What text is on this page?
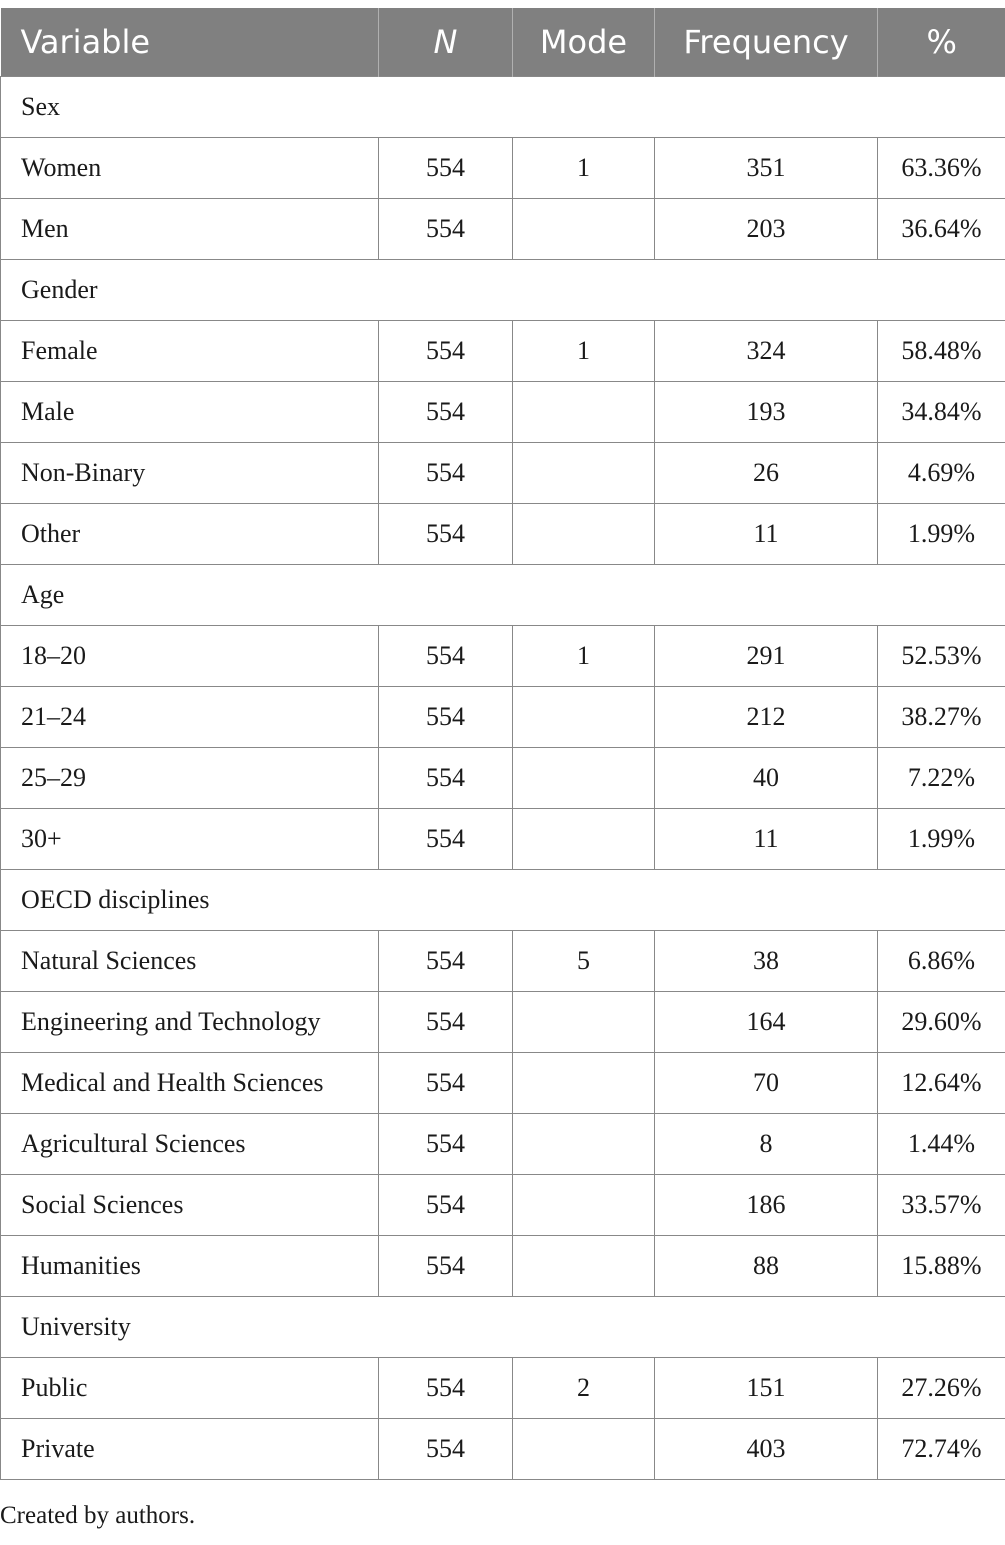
Variable	N	Mode	Frequency	%
Sex				
Women	554	1	351	63.36%
Men	554		203	36.64%
Gender				
Female	554	1	324	58.48%
Male	554		193	34.84%
Non-Binary	554		26	4.69%
Other	554		11	1.99%
Age				
18–20	554	1	291	52.53%
21–24	554		212	38.27%
25–29	554		40	7.22%
30+	554		11	1.99%
OECD disciplines				
Natural Sciences	554	5	38	6.86%
Engineering and Technology	554		164	29.60%
Medical and Health Sciences	554		70	12.64%
Agricultural Sciences	554		8	1.44%
Social Sciences	554		186	33.57%
Humanities	554		88	15.88%
University				
Public	554	2	151	27.26%
Private	554		403	72.74%
Created by authors.
